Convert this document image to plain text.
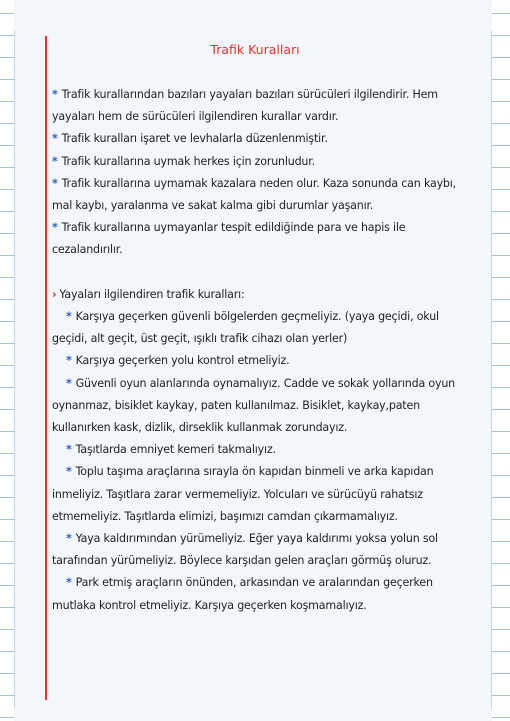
Trafik Kuralları
* Trafik kurallarından bazıları yayaları bazıları sürücüleri ilgilendirir. Hem
yayaları hem de sürücüleri ilgilendiren kurallar vardır.
* Trafik kuralları işaret ve levhalarla düzenlenmiştir.
* Trafik kurallarına uymak herkes için zorunludur.
* Trafik kurallarına uymamak kazalara neden olur. Kaza sonunda can kaybı,
mal kaybı, yaralanma ve sakat kalma gibi durumlar yaşanır.
* Trafik kurallarına uymayanlar tespit edildiğinde para ve hapis ile
cezalandırılır.
› Yayaları ilgilendiren trafik kuralları:
* Karşıya geçerken güvenli bölgelerden geçmeliyiz. (yaya geçidi, okul
geçidi, alt geçit, üst geçit, ışıklı trafik cihazı olan yerler)
* Karşıya geçerken yolu kontrol etmeliyiz.
* Güvenli oyun alanlarında oynamalıyız. Cadde ve sokak yollarında oyun
oynanmaz, bisiklet kaykay, paten kullanılmaz. Bisiklet, kaykay,paten
kullanırken kask, dizlik, dirseklik kullanmak zorundayız.
* Taşıtlarda emniyet kemeri takmalıyız.
* Toplu taşıma araçlarına sırayla ön kapıdan binmeli ve arka kapıdan
inmeliyiz. Taşıtlara zarar vermemeliyiz. Yolcuları ve sürücüyü rahatsız
etmemeliyiz. Taşıtlarda elimizi, başımızı camdan çıkarmamalıyız.
* Yaya kaldırımından yürümeliyiz. Eğer yaya kaldırımı yoksa yolun sol
tarafından yürümeliyiz. Böylece karşıdan gelen araçları görmüş oluruz.
* Park etmiş araçların önünden, arkasından ve aralarından geçerken
mutlaka kontrol etmeliyiz. Karşıya geçerken koşmamalıyız.
